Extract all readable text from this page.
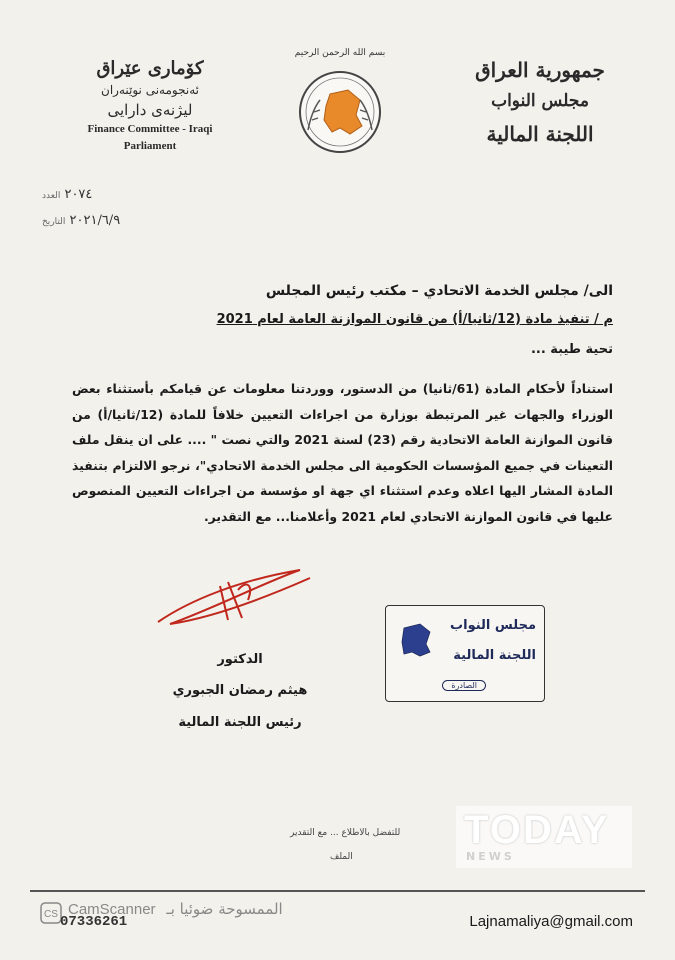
جمهورية العراق
مجلس النواب
اللجنة المالية
بسم الله الرحمن الرحيم
کۆماری عێراق
ئەنجومەنی نوێنەران
لیژنەی دارایی
Finance Committee - Iraqi
Parliament
٢٠٧٤ العدد
٢٠٢١/٦/٩ التاريخ
الى/ مجلس الخدمة الاتحادي – مكتب رئيس المجلس
م / تنفيذ مادة (12/ثانيا/أ) من قانون الموازنة العامة لعام 2021
تحية طيبة ...
استناداً لأحكام المادة (61/ثانيا) من الدستور، ووردتنا معلومات عن قيامكم بأستثناء بعض الوزراء والجهات غير المرتبطة بوزارة من اجراءات التعيين خلافاً للمادة (12/ثانيا/أ) من قانون الموازنة العامة الاتحادية رقم (23) لسنة 2021 والتي نصت " .... على ان ينقل ملف التعينات في جميع المؤسسات الحكومية الى مجلس الخدمة الاتحادي"، نرجو الالتزام بتنفيذ المادة المشار اليها اعلاه وعدم استثناء اي جهة او مؤسسة من اجراءات التعيين المنصوص عليها في قانون الموازنة الاتحادي لعام 2021 وأعلامنا... مع التقدير.
الدكتور
هيثم رمضان الجبوري
رئيس اللجنة المالية
مجلس النواب
اللجنة المالية
الصادرة
للتفضل بالاطلاع ... مع التقدير
الملف
TODAY
NEWS
CS CamScanner الممسوحة ضوئيا بـ
07336261	Lajnamaliya@gmail.com
